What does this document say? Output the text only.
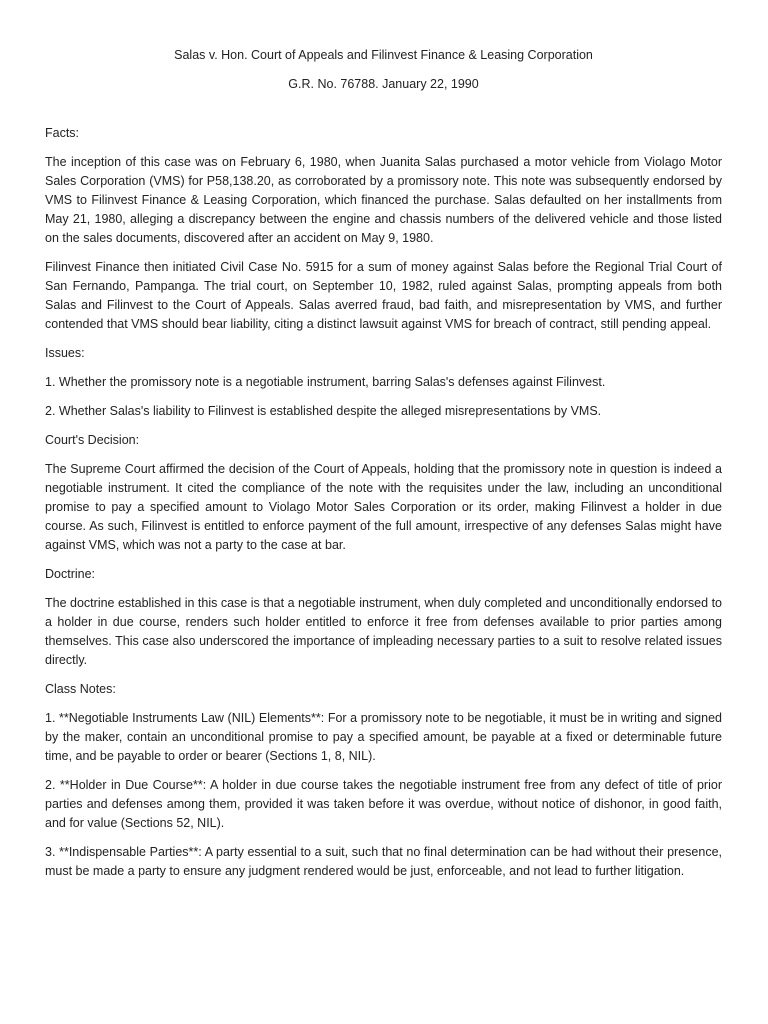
Salas v. Hon. Court of Appeals and Filinvest Finance & Leasing Corporation
G.R. No. 76788. January 22, 1990
Facts:

The inception of this case was on February 6, 1980, when Juanita Salas purchased a motor vehicle from Violago Motor Sales Corporation (VMS) for P58,138.20, as corroborated by a promissory note. This note was subsequently endorsed by VMS to Filinvest Finance & Leasing Corporation, which financed the purchase. Salas defaulted on her installments from May 21, 1980, alleging a discrepancy between the engine and chassis numbers of the delivered vehicle and those listed on the sales documents, discovered after an accident on May 9, 1980.

Filinvest Finance then initiated Civil Case No. 5915 for a sum of money against Salas before the Regional Trial Court of San Fernando, Pampanga. The trial court, on September 10, 1982, ruled against Salas, prompting appeals from both Salas and Filinvest to the Court of Appeals. Salas averred fraud, bad faith, and misrepresentation by VMS, and further contended that VMS should bear liability, citing a distinct lawsuit against VMS for breach of contract, still pending appeal.

Issues:

1. Whether the promissory note is a negotiable instrument, barring Salas's defenses against Filinvest.

2. Whether Salas's liability to Filinvest is established despite the alleged misrepresentations by VMS.

Court's Decision:

The Supreme Court affirmed the decision of the Court of Appeals, holding that the promissory note in question is indeed a negotiable instrument. It cited the compliance of the note with the requisites under the law, including an unconditional promise to pay a specified amount to Violago Motor Sales Corporation or its order, making Filinvest a holder in due course. As such, Filinvest is entitled to enforce payment of the full amount, irrespective of any defenses Salas might have against VMS, which was not a party to the case at bar.

Doctrine:

The doctrine established in this case is that a negotiable instrument, when duly completed and unconditionally endorsed to a holder in due course, renders such holder entitled to enforce it free from defenses available to prior parties among themselves. This case also underscored the importance of impleading necessary parties to a suit to resolve related issues directly.

Class Notes:

1. **Negotiable Instruments Law (NIL) Elements**: For a promissory note to be negotiable, it must be in writing and signed by the maker, contain an unconditional promise to pay a specified amount, be payable at a fixed or determinable future time, and be payable to order or bearer (Sections 1, 8, NIL).

2. **Holder in Due Course**: A holder in due course takes the negotiable instrument free from any defect of title of prior parties and defenses among them, provided it was taken before it was overdue, without notice of dishonor, in good faith, and for value (Sections 52, NIL).

3. **Indispensable Parties**: A party essential to a suit, such that no final determination can be had without their presence, must be made a party to ensure any judgment rendered would be just, enforceable, and not lead to further litigation.
